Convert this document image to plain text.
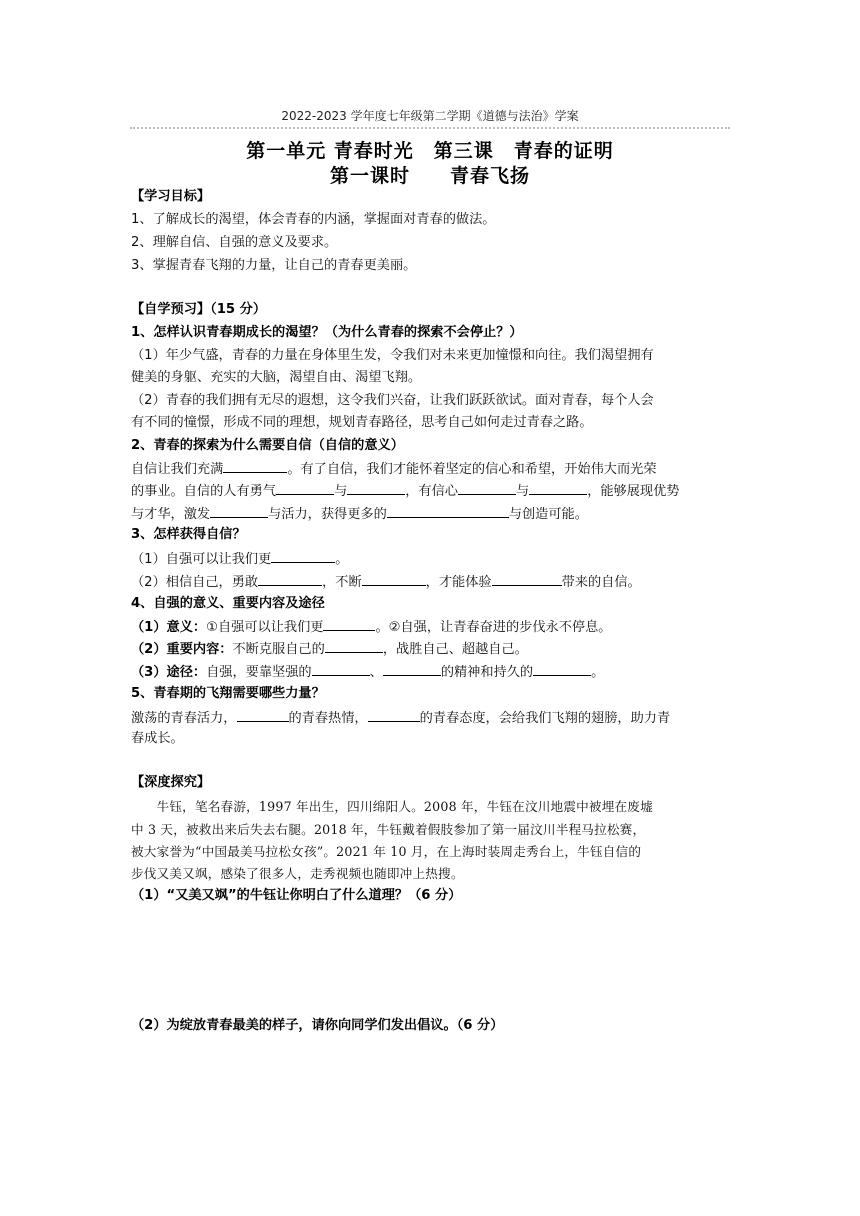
2022-2023 学年度七年级第二学期《道德与法治》学案
第一单元 青春时光　第三课　青春的证明
第一课时　　青春飞扬
【学习目标】
1、了解成长的渴望，体会青春的内涵，掌握面对青春的做法。
2、理解自信、自强的意义及要求。
3、掌握青春飞翔的力量，让自己的青春更美丽。
【自学预习】（15 分）
1、怎样认识青春期成长的渴望？（为什么青春的探索不会停止？）
（1）年少气盛，青春的力量在身体里生发，令我们对未来更加憧憬和向往。我们渴望拥有
健美的身躯、充实的大脑，渴望自由、渴望飞翔。
（2）青春的我们拥有无尽的遐想，这令我们兴奋，让我们跃跃欲试。面对青春，每个人会
有不同的憧憬，形成不同的理想，规划青春路径，思考自己如何走过青春之路。
2、青春的探索为什么需要自信（自信的意义）
自信让我们充满	。有了自信，我们才能怀着坚定的信心和希望，开始伟大而光荣
的事业。自信的人有勇气	与	，有信心	与	，能够展现优势
与才华，激发	与活力，获得更多的	与创造可能。
3、怎样获得自信？
（1）自强可以让我们更	。
（2）相信自己，勇敢	，不断	，才能体验	带来的自信。
4、自强的意义、重要内容及途径
（1）意义：①自强可以让我们更	。②自强，让青春奋进的步伐永不停息。
（2）重要内容：不断克服自己的	，战胜自己、超越自己。
（3）途径：自强，要靠坚强的	、	的精神和持久的	。
5、青春期的飞翔需要哪些力量？
激荡的青春活力，	的青春热情，	的青春态度，会给我们飞翔的翅膀，助力青
春成长。
【深度探究】
　　牛钰，笔名春游，1997 年出生，四川绵阳人。2008 年，牛钰在汶川地震中被埋在废墟
中 3 天，被救出来后失去右腿。2018 年，牛钰戴着假肢参加了第一届汶川半程马拉松赛，
被大家誉为“中国最美马拉松女孩”。2021 年 10 月，在上海时装周走秀台上，牛钰自信的
步伐又美又飒，感染了很多人，走秀视频也随即冲上热搜。
（1）“又美又飒”的牛钰让你明白了什么道理？（6 分）
（2）为绽放青春最美的样子，请你向同学们发出倡议。（6 分）
